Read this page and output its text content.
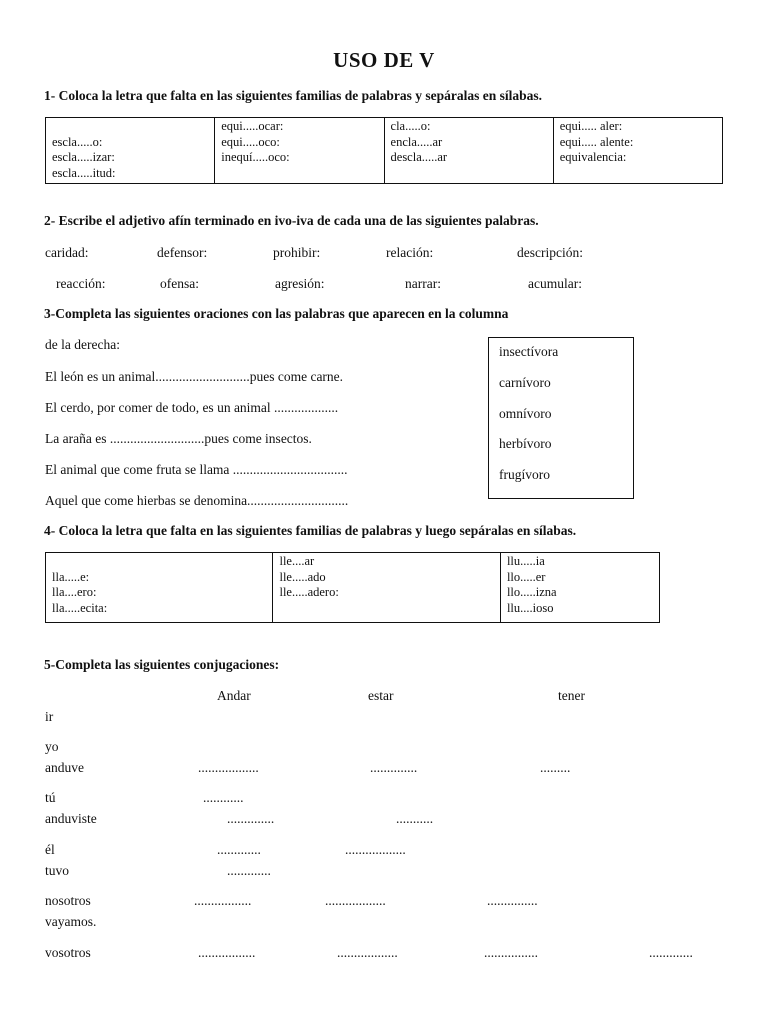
USO DE V
1- Coloca la letra que falta en las siguientes familias de palabras y sepáralas en sílabas.
escla.....o:
escla.....izar:
escla.....itud:

equi.....ocar:
equi.....oco:
inequí.....oco:

cla.....o:
encla.....ar
descla.....ar

equi..... aler:
equi..... alente:
equivalencia:
2- Escribe el adjetivo afín terminado en ivo-iva de cada una de las siguientes palabras.
caridad:	defensor:	prohibir:	relación:	descripción:
reacción:	ofensa:	agresión:	narrar:	acumular:
3-Completa las siguientes oraciones con las palabras que aparecen en la columna
de la derecha:
El león es un animal............................pues come carne.
El cerdo, por comer de todo, es un animal ...................
La araña es ............................pues come insectos.
El animal que come fruta se llama ..................................
Aquel que come hierbas se denomina..............................
insectívora
carnívoro
omnívoro
herbívoro
frugívoro
4- Coloca la letra que falta en las siguientes familias de palabras y luego sepáralas en sílabas.
lla.....e:
lla....ero:
lla.....ecita:

lle....ar
lle.....ado
lle.....adero:

llu.....ia
llo.....er
llo.....izna
llu....ioso
5-Completa las siguientes conjugaciones:
Andar	estar	tener
ir
yo
anduve	..................	..............	.........
tú	............
anduviste	..............	...........
él	.............	..................
tuvo	.............
nosotros	.................	..................	...............
vayamos.
vosotros	.................	..................	................	.............
